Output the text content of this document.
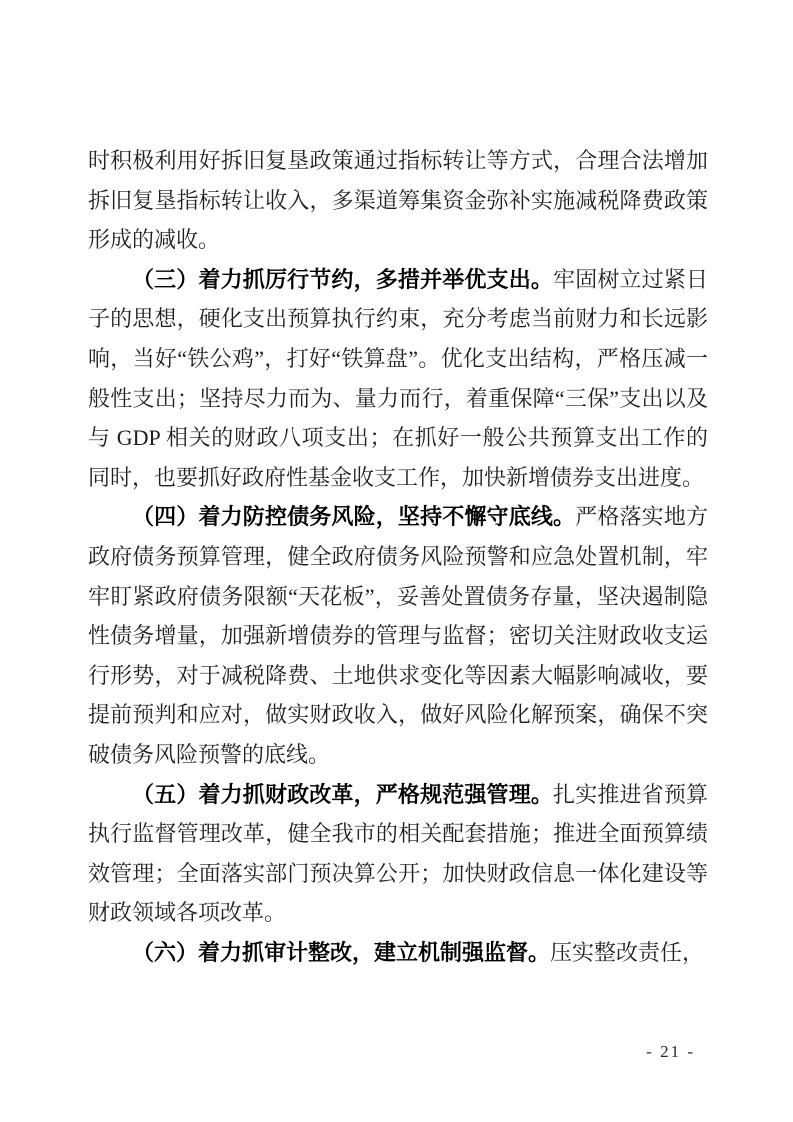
时积极利用好拆旧复垦政策通过指标转让等方式，合理合法增加拆旧复垦指标转让收入，多渠道筹集资金弥补实施减税降费政策形成的减收。

（三）着力抓厉行节约，多措并举优支出。牢固树立过紧日子的思想，硬化支出预算执行约束，充分考虑当前财力和长远影响，当好“铁公鸡”，打好“铁算盘”。优化支出结构，严格压减一般性支出；坚持尽力而为、量力而行，着重保障“三保”支出以及与 GDP 相关的财政八项支出；在抓好一般公共预算支出工作的同时，也要抓好政府性基金收支工作，加快新增债券支出进度。

（四）着力防控债务风险，坚持不懈守底线。严格落实地方政府债务预算管理，健全政府债务风险预警和应急处置机制，牢牢盯紧政府债务限额“天花板”，妥善处置债务存量，坚决遏制隐性债务增量，加强新增债券的管理与监督；密切关注财政收支运行形势，对于减税降费、土地供求变化等因素大幅影响减收，要提前预判和应对，做实财政收入，做好风险化解预案，确保不突破债务风险预警的底线。

（五）着力抓财政改革，严格规范强管理。扎实推进省预算执行监督管理改革，健全我市的相关配套措施；推进全面预算绩效管理；全面落实部门预决算公开；加快财政信息一体化建设等财政领域各项改革。

（六）着力抓审计整改，建立机制强监督。压实整改责任，

- 21 -
